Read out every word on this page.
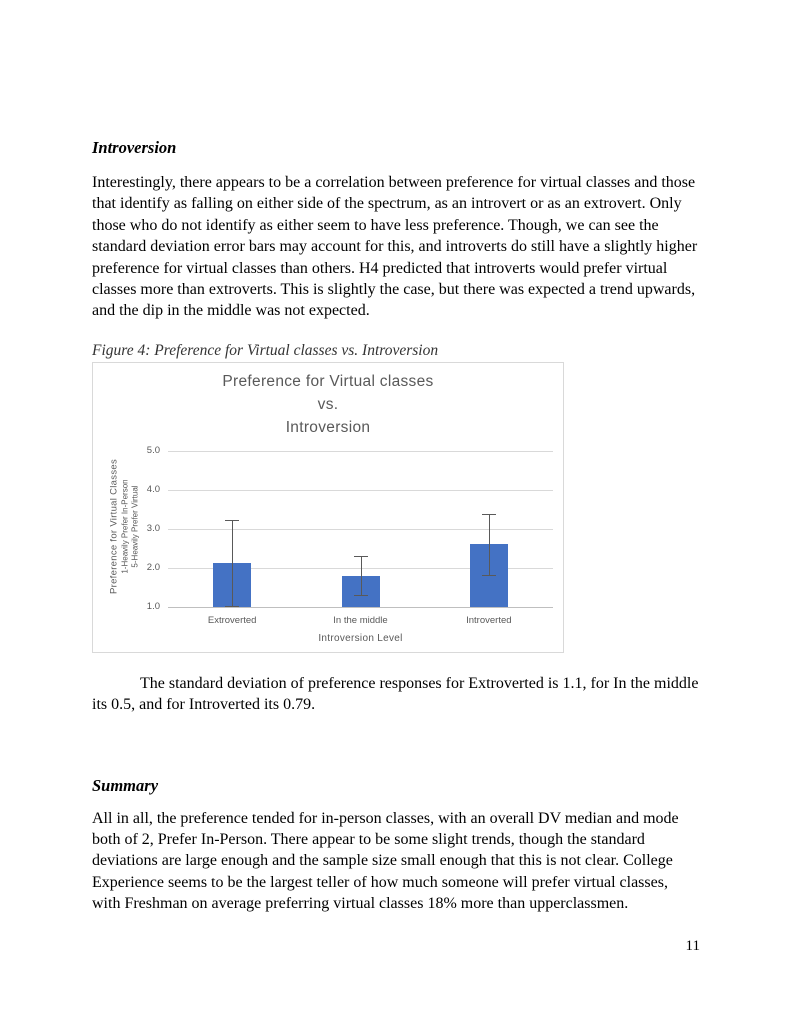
Introversion

Interestingly, there appears to be a correlation between preference for virtual classes and those that identify as falling on either side of the spectrum, as an introvert or as an extrovert. Only those who do not identify as either seem to have less preference. Though, we can see the standard deviation error bars may account for this, and introverts do still have a slightly higher preference for virtual classes than others. H4 predicted that introverts would prefer virtual classes more than extroverts. This is slightly the case, but there was expected a trend upwards, and the dip in the middle was not expected.

Figure 4: Preference for Virtual classes vs. Introversion

Preference for Virtual classes
vs.
Introversion
1.0
2.0
3.0
4.0
5.0
Extroverted	In the middle	Introverted
Introversion Level
Preference for Virtual Classes 1-Heavily Prefer In-Person 5-Heavily Prefer Virtual

The standard deviation of preference responses for Extroverted is 1.1, for In the middle its 0.5, and for Introverted its 0.79.

Summary

All in all, the preference tended for in-person classes, with an overall DV median and mode both of 2, Prefer In-Person. There appear to be some slight trends, though the standard deviations are large enough and the sample size small enough that this is not clear. College Experience seems to be the largest teller of how much someone will prefer virtual classes, with Freshman on average preferring virtual classes 18% more than upperclassmen.

11
